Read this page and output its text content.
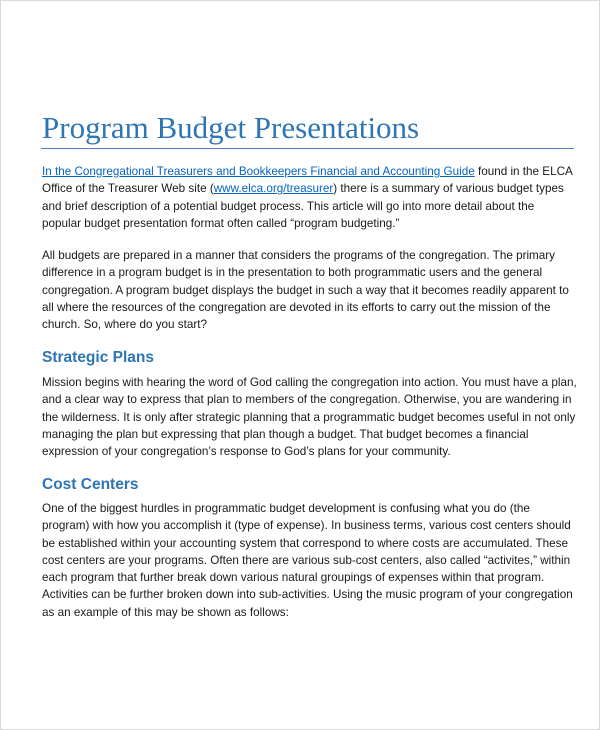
Program Budget Presentations

In the Congregational Treasurers and Bookkeepers Financial and Accounting Guide found in the ELCA
Office of the Treasurer Web site (www.elca.org/treasurer) there is a summary of various budget types
and brief description of a potential budget process. This article will go into more detail about the
popular budget presentation format often called “program budgeting.”

All budgets are prepared in a manner that considers the programs of the congregation. The primary
difference in a program budget is in the presentation to both programmatic users and the general
congregation. A program budget displays the budget in such a way that it becomes readily apparent to
all where the resources of the congregation are devoted in its efforts to carry out the mission of the
church. So, where do you start?

Strategic Plans

Mission begins with hearing the word of God calling the congregation into action. You must have a plan,
and a clear way to express that plan to members of the congregation. Otherwise, you are wandering in
the wilderness. It is only after strategic planning that a programmatic budget becomes useful in not only
managing the plan but expressing that plan though a budget. That budget becomes a financial
expression of your congregation’s response to God’s plans for your community.

Cost Centers

One of the biggest hurdles in programmatic budget development is confusing what you do (the
program) with how you accomplish it (type of expense). In business terms, various cost centers should
be established within your accounting system that correspond to where costs are accumulated. These
cost centers are your programs. Often there are various sub-cost centers, also called “activites,” within
each program that further break down various natural groupings of expenses within that program.
Activities can be further broken down into sub-activities. Using the music program of your congregation
as an example of this may be shown as follows:
